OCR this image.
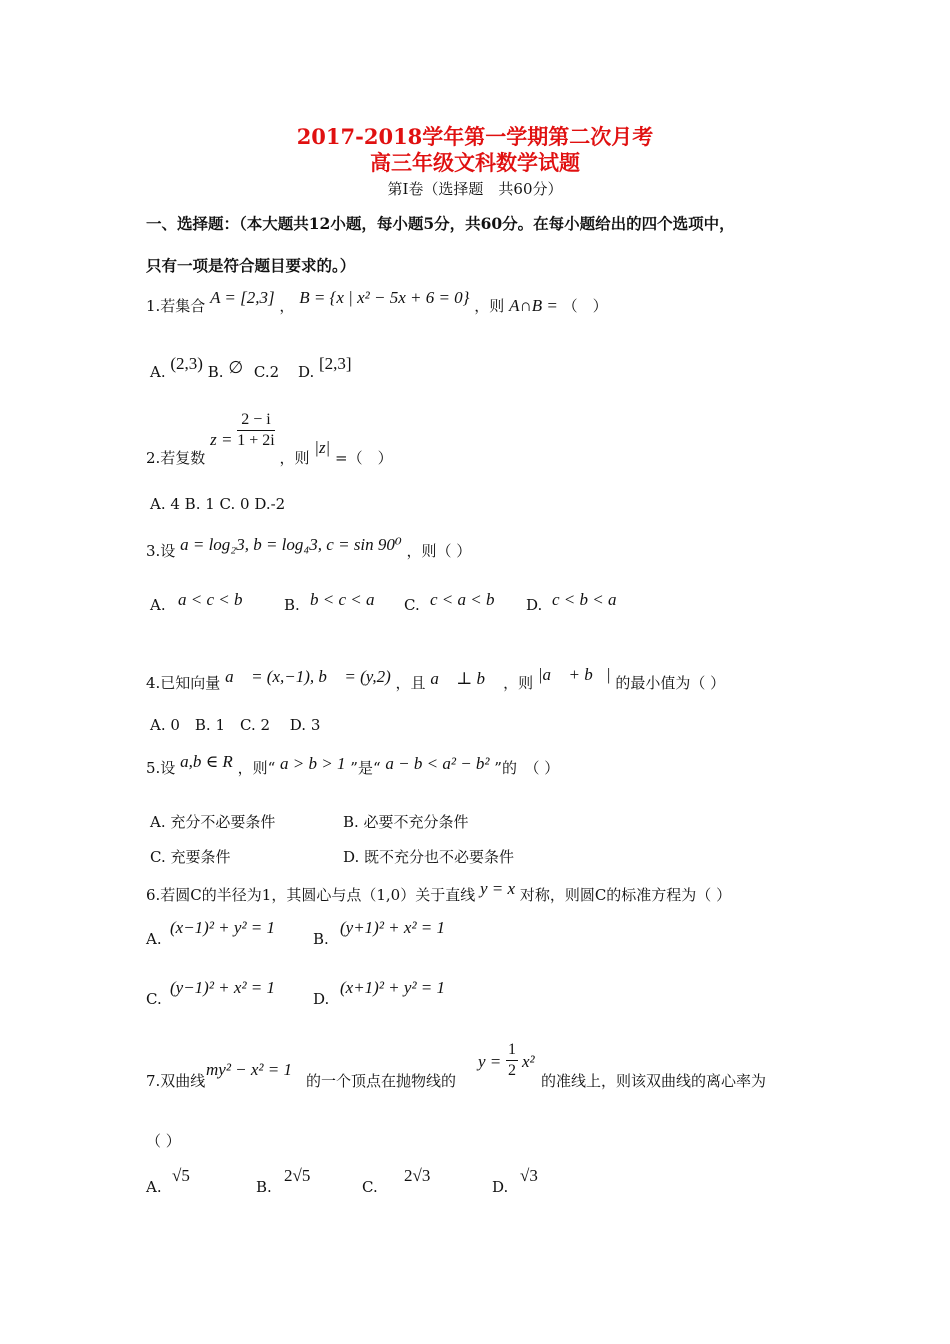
2017-2018学年第一学期第二次月考
高三年级文科数学试题
第Ⅰ卷（选择题　共60分）
一、选择题：（本大题共12小题，每小题5分，共60分。在每小题给出的四个选项中，
只有一项是符合题目要求的。）
1.若集合 A = [2,3] ， B = {x | x² − 5x + 6 = 0} ，则 A∩B = （　）
A. (2,3) B. ∅ C.2 D. [2,3]
2.若复数 $z = \frac{2 - i}{1 + 2i}$
，则 |z| =（　）
A. 4 B. 1 C. 0 D.-2
3.设 a = log₂3, b = log₄3, c = sin 90⁰ ，则（ ）
A. a < c < b	B. b < c < a C. c < a < b D. c < b < a
4.已知向量 a⃗ = (x,−1), b⃗ = (y,2) ，且 a⃗ ⊥ b⃗ ，则 |a⃗ + b⃗| 的最小值为（ ）
A. 0　B. 1　C. 2　 D. 3
5.设 a,b ∈ R ，则“ a > b > 1 ”是“ a − b < a² − b² ”的　（ ）
A. 充分不必要条件	B. 必要不充分条件
C. 充要条件	D. 既不充分也不必要条件
6.若圆C的半径为1，其圆心与点（1,0）关于直线 y = x 对称，则圆C的标准方程为（ ）
A.
(x−1)² + y² = 1
B.
(y+1)² + x² = 1
C.
(y−1)² + x² = 1
D.
(x+1)² + y² = 1
7.双曲线
my² − x² = 1
的一个顶点在抛物线的
$y = \frac{1}{2} x^2$
的准线上，则该双曲线的离心率为
（ ）
A.
√5
B.
2√5
C.
2√3
D.
√3
